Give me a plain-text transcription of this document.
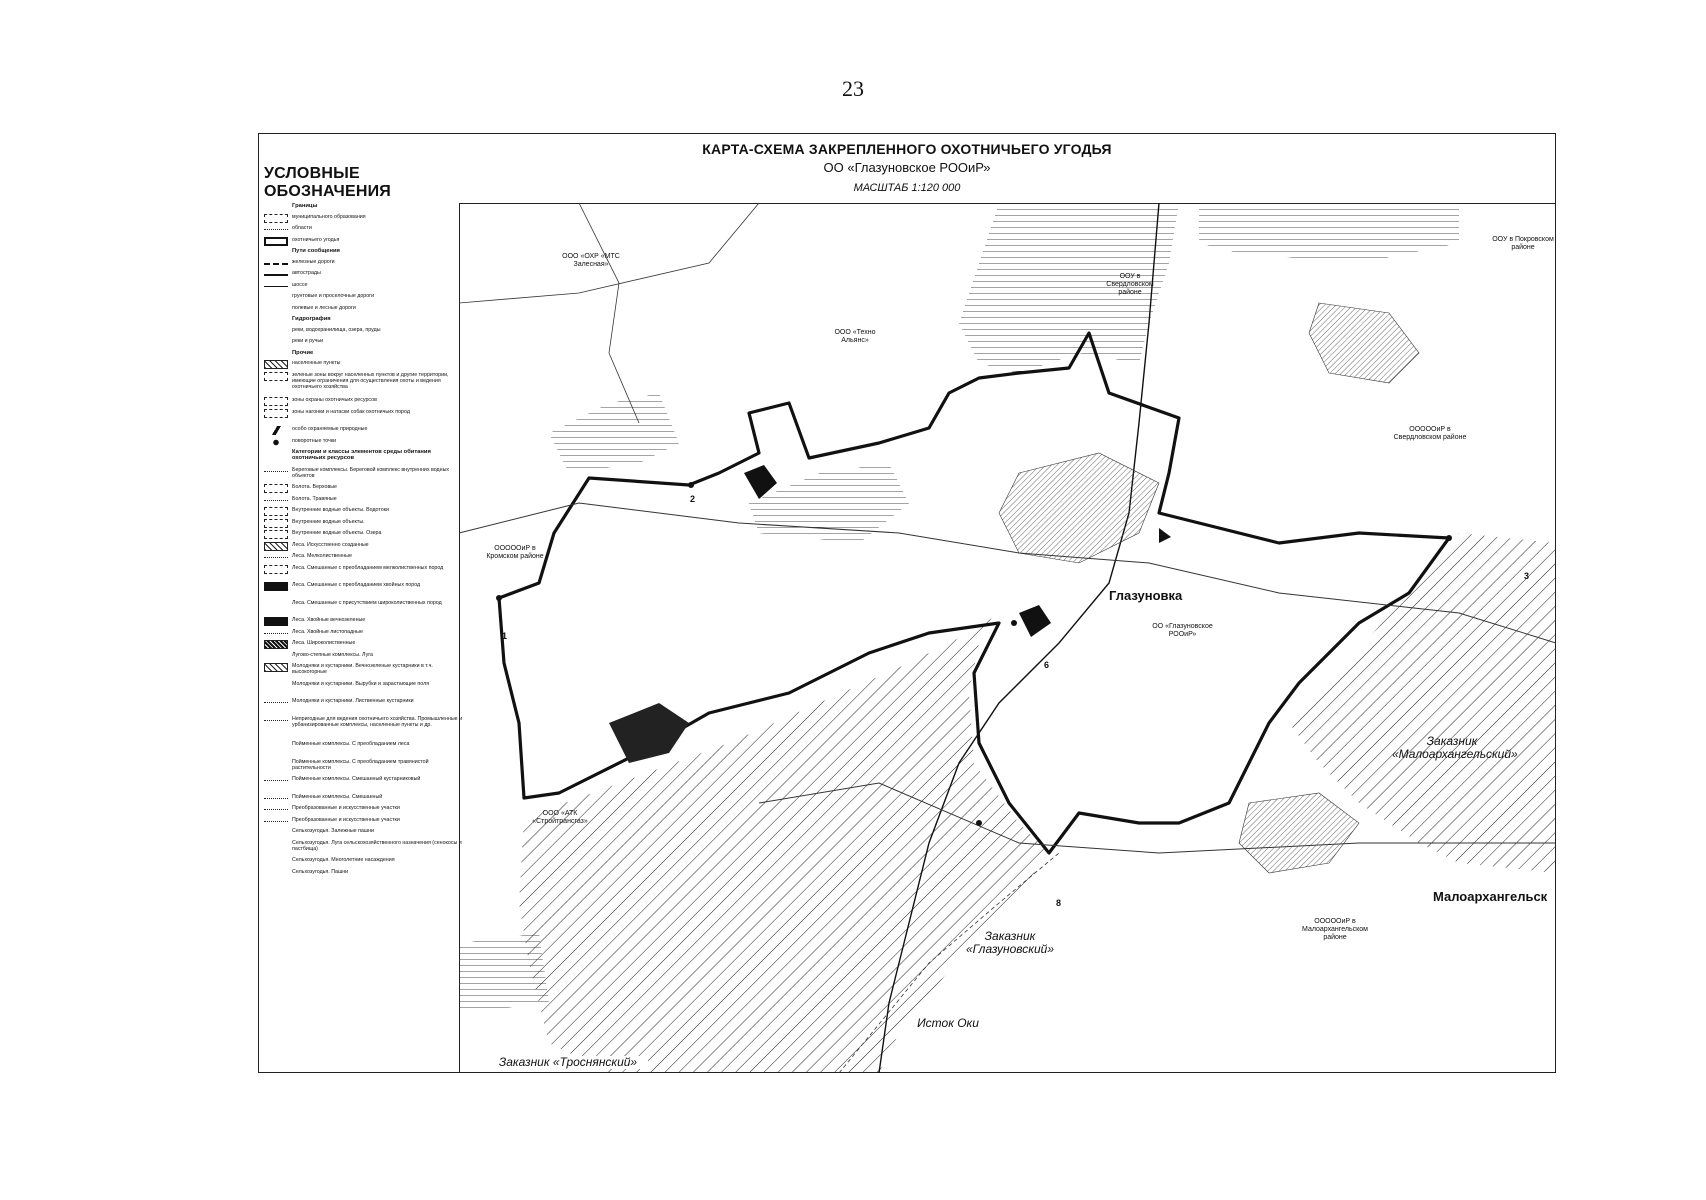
23
КАРТА-СХЕМА ЗАКРЕПЛЕННОГО ОХОТНИЧЬЕГО УГОДЬЯ
ОО «Глазуновское РООиР»
МАСШТАБ 1:120 000
УСЛОВНЫЕ ОБОЗНАЧЕНИЯ
Границы
муниципального образования
области
охотничьего угодья
Пути сообщения
железные дороги
автострады
шоссе
грунтовые и проселочные дороги
полевые и лесные дороги
Гидрография
реки, водохранилища, озера, пруды
реки и ручьи
Прочие
населенные пункты
зеленые зоны вокруг населенных пунктов и другие территории, имеющие ограничения для осуществления охоты и ведения охотничьего хозяйства
зоны охраны охотничьих ресурсов
зоны нагонки и натаски собак охотничьих пород
особо охраняемые природные
поворотные точки
Категории и классы элементов среды обитания охотничьих ресурсов
Береговые комплексы. Береговой комплекс внутренних водных объектов
Болота. Верховые
Болота. Травяные
Внутренние водные объекты. Водотоки
Внутренние водные объекты.
Внутренние водные объекты. Озера
Леса. Искусственно созданные
Леса. Мелколиственные
Леса. Смешанные с преобладанием мелколиственных пород
Леса. Смешанные с преобладанием хвойных пород
Леса. Смешанные с присутствием широколиственных пород
Леса. Хвойные вечнозеленые
Леса. Хвойные листопадные
Леса. Широколиственные
Лугово-степные комплексы. Луга
Молодняки и кустарники. Вечнозеленые кустарники в т.ч. высокогорные
Молодняки и кустарники. Вырубки и зарастающие поля
Молодняки и кустарники. Лиственные кустарники
Непригодные для ведения охотничьего хозяйства. Промышленные и урбанизированные комплексы, населенные пункты и др.
Пойменные комплексы. С преобладанием леса
Пойменные комплексы. С преобладанием травянистой растительности
Пойменные комплексы. Смешанный кустарниковый
Пойменные комплексы. Смешанный
Преобразованные и искусственные участки
Преобразованные и искусственные участки
Сельхозугодья. Залежные пашни
Сельхозугодья. Луга сельскохозяйственного назначения (сенокосы и пастбища)
Сельхозугодья. Многолетние насаждения
Сельхозугодья. Пашни
ООО «ОХР «МТС Залесная»
ООО «Техно Альянс»
ООУ в Свердловском районе
ООУ в Покровском районе
ОООООиР в Свердловском районе
ОООООиР в Кромском районе
ООО «АТК «Стройтрансгаз»
ОООООиР в Малоархангельском районе
ОО «Глазуновское РООиР»
Глазуновка
Малоархангельск
Заказник «Малоархангельский»
Заказник «Глазуновский»
Заказник «Троснянский»
Исток Оки
1
2
3
6
8
